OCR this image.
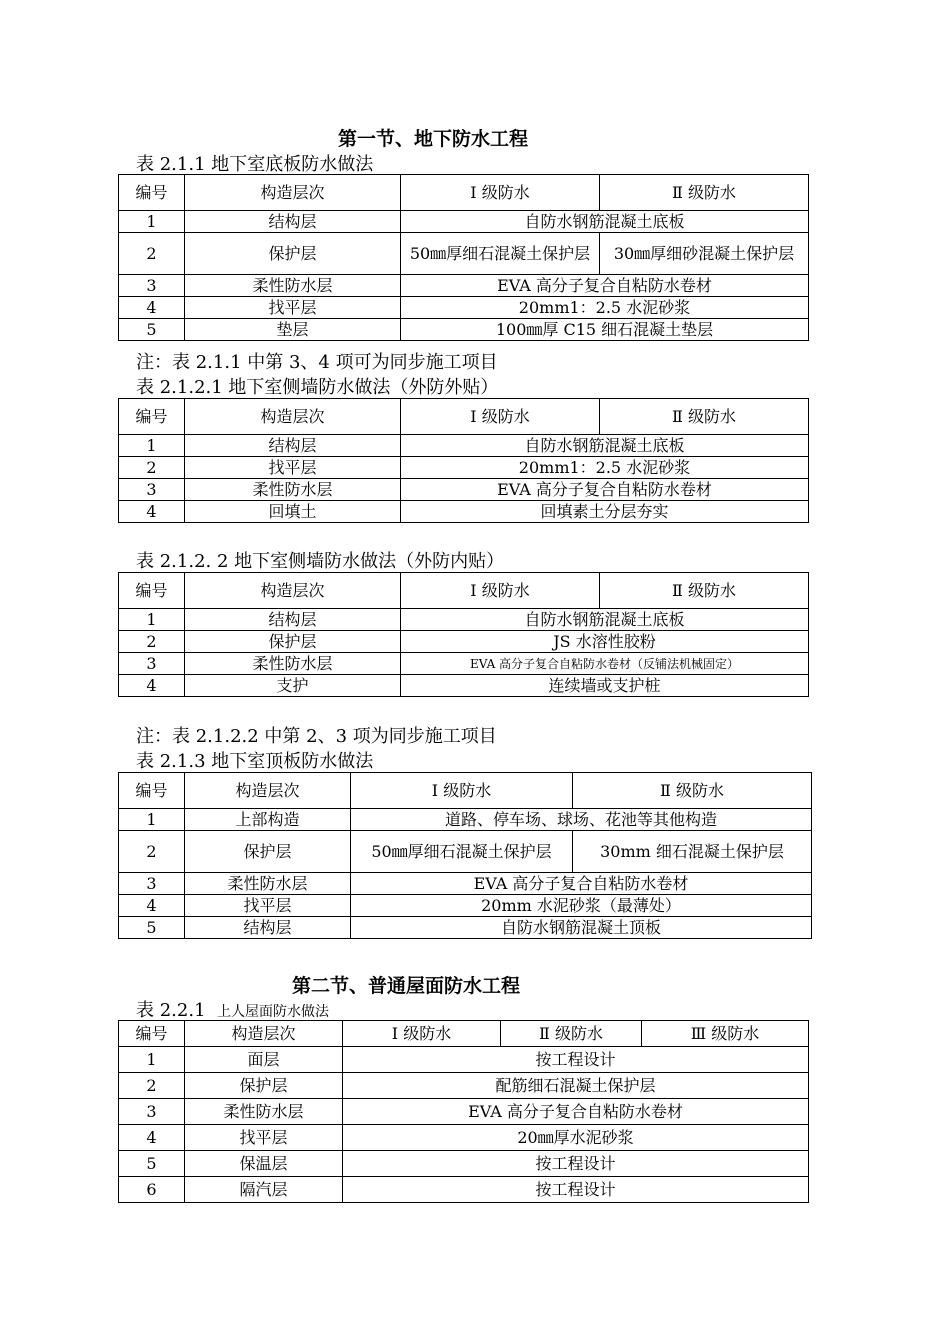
第一节、地下防水工程
表 2.1.1 地下室底板防水做法
编号	构造层次	Ⅰ 级防水	Ⅱ 级防水
1	结构层	自防水钢筋混凝土底板	
2	保护层	50㎜厚细石混凝土保护层	30㎜厚细砂混凝土保护层
3	柔性防水层	EVA 高分子复合自粘防水卷材	
4	找平层	20mm1：2.5 水泥砂浆	
5	垫层	100㎜厚 C15 细石混凝土垫层	
注：表 2.1.1 中第 3、4 项可为同步施工项目
表 2.1.2.1 地下室侧墙防水做法（外防外贴）
编号	构造层次	Ⅰ 级防水	Ⅱ 级防水
1	结构层	自防水钢筋混凝土底板	
2	找平层	20mm1：2.5 水泥砂浆	
3	柔性防水层	EVA 高分子复合自粘防水卷材	
4	回填土	回填素土分层夯实	
表 2.1.2. 2 地下室侧墙防水做法（外防内贴）
编号	构造层次	Ⅰ 级防水	Ⅱ 级防水
1	结构层	自防水钢筋混凝土底板	
2	保护层	JS 水溶性胶粉	
3	柔性防水层	EVA 高分子复合自粘防水卷材（反铺法机械固定）	
4	支护	连续墙或支护桩	
注：表 2.1.2.2 中第 2、3 项为同步施工项目
表 2.1.3 地下室顶板防水做法
编号	构造层次	Ⅰ 级防水	Ⅱ 级防水
1	上部构造	道路、停车场、球场、花池等其他构造	
2	保护层	50㎜厚细石混凝土保护层	30mm 细石混凝土保护层
3	柔性防水层	EVA 高分子复合自粘防水卷材	
4	找平层	20mm 水泥砂浆（最薄处）	
5	结构层	自防水钢筋混凝土顶板	
第二节、普通屋面防水工程
表 2.2.1 上人屋面防水做法
编号	构造层次	Ⅰ 级防水	Ⅱ 级防水	Ⅲ 级防水
1	面层	按工程设计		
2	保护层	配筋细石混凝土保护层		
3	柔性防水层	EVA 高分子复合自粘防水卷材		
4	找平层	20㎜厚水泥砂浆		
5	保温层	按工程设计		
6	隔汽层	按工程设计		
